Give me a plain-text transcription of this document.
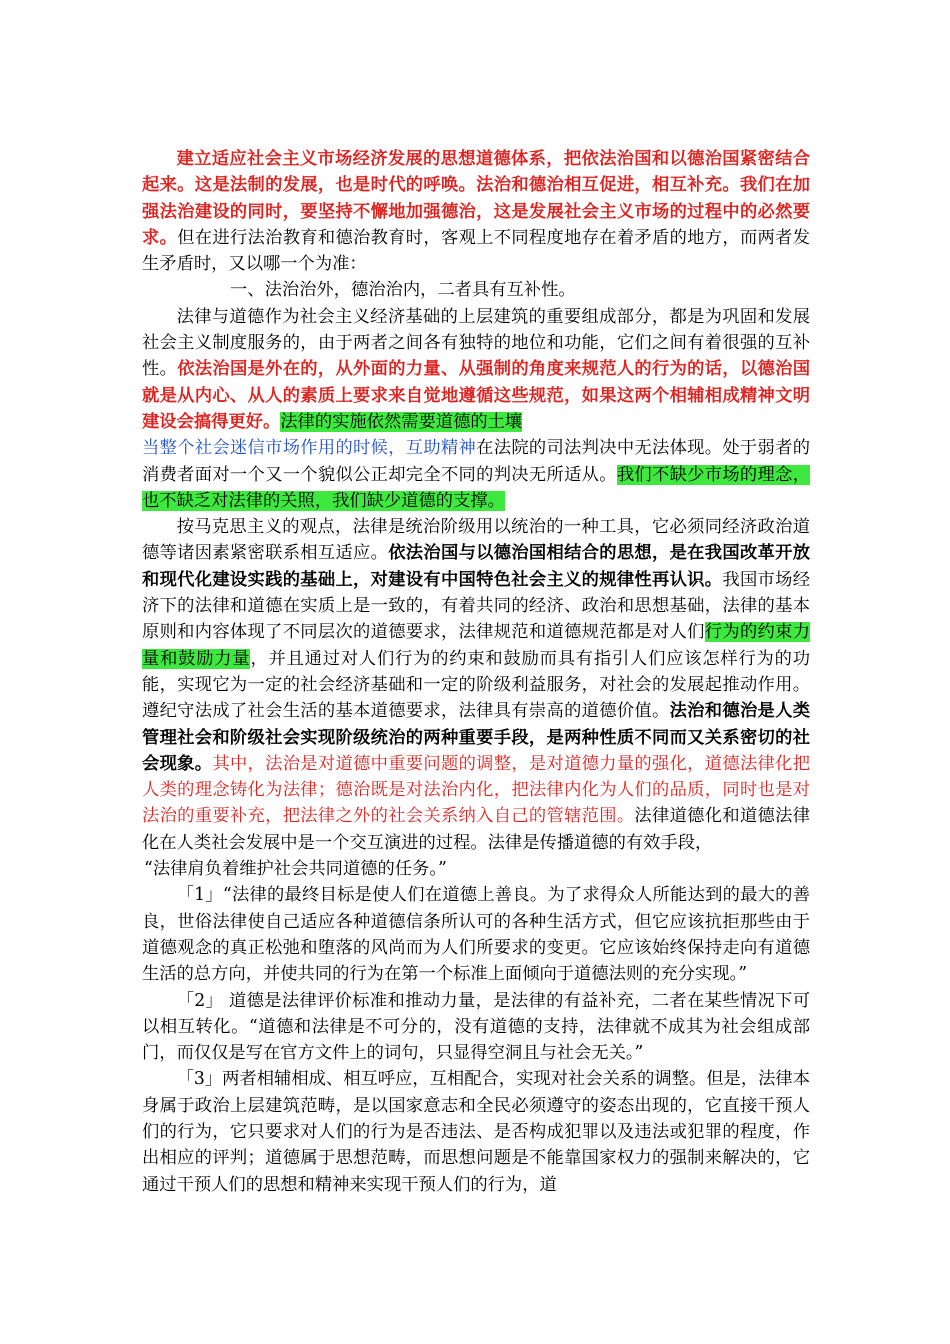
建立适应社会主义市场经济发展的思想道德体系，把依法治国和以德治国紧密结合起来。这是法制的发展，也是时代的呼唤。法治和德治相互促进，相互补充。我们在加强法治建设的同时，要坚持不懈地加强德治，这是发展社会主义市场的过程中的必然要求。但在进行法治教育和德治教育时，客观上不同程度地存在着矛盾的地方，而两者发生矛盾时，又以哪一个为准：

一、法治治外，德治治内，二者具有互补性。

法律与道德作为社会主义经济基础的上层建筑的重要组成部分，都是为巩固和发展社会主义制度服务的，由于两者之间各有独特的地位和功能，它们之间有着很强的互补性。依法治国是外在的，从外面的力量、从强制的角度来规范人的行为的话，以德治国就是从内心、从人的素质上要求来自觉地遵循这些规范，如果这两个相辅相成精神文明建设会搞得更好。法律的实施依然需要道德的土壤
当整个社会迷信市场作用的时候，互助精神在法院的司法判决中无法体现。处于弱者的消费者面对一个又一个貌似公正却完全不同的判决无所适从。我们不缺少市场的理念，也不缺乏对法律的关照，我们缺少道德的支撑。

按马克思主义的观点，法律是统治阶级用以统治的一种工具，它必须同经济政治道德等诸因素紧密联系相互适应。依法治国与以德治国相结合的思想，是在我国改革开放和现代化建设实践的基础上，对建设有中国特色社会主义的规律性再认识。我国市场经济下的法律和道德在实质上是一致的，有着共同的经济、政治和思想基础，法律的基本原则和内容体现了不同层次的道德要求，法律规范和道德规范都是对人们行为的约束力量和鼓励力量，并且通过对人们行为的约束和鼓励而具有指引人们应该怎样行为的功能，实现它为一定的社会经济基础和一定的阶级利益服务，对社会的发展起推动作用。遵纪守法成了社会生活的基本道德要求，法律具有崇高的道德价值。法治和德治是人类管理社会和阶级社会实现阶级统治的两种重要手段，是两种性质不同而又关系密切的社会现象。其中，法治是对道德中重要问题的调整，是对道德力量的强化，道德法律化把人类的理念铸化为法律；德治既是对法治内化，把法律内化为人们的品质，同时也是对法治的重要补充，把法律之外的社会关系纳入自己的管辖范围。法律道德化和道德法律化在人类社会发展中是一个交互演进的过程。法律是传播道德的有效手段，
“法律肩负着维护社会共同道德的任务。”

「1」“法律的最终目标是使人们在道德上善良。为了求得众人所能达到的最大的善良，世俗法律使自己适应各种道德信条所认可的各种生活方式，但它应该抗拒那些由于道德观念的真正松弛和堕落的风尚而为人们所要求的变更。它应该始终保持走向有道德生活的总方向，并使共同的行为在第一个标准上面倾向于道德法则的充分实现。”

「2」 道德是法律评价标准和推动力量，是法律的有益补充，二者在某些情况下可以相互转化。“道德和法律是不可分的，没有道德的支持，法律就不成其为社会组成部门，而仅仅是写在官方文件上的词句，只显得空洞且与社会无关。”

「3」两者相辅相成、相互呼应，互相配合，实现对社会关系的调整。但是，法律本身属于政治上层建筑范畴，是以国家意志和全民必须遵守的姿态出现的，它直接干预人们的行为，它只要求对人们的行为是否违法、是否构成犯罪以及违法或犯罪的程度，作出相应的评判；道德属于思想范畴，而思想问题是不能靠国家权力的强制来解决的，它通过干预人们的思想和精神来实现干预人们的行为，道
